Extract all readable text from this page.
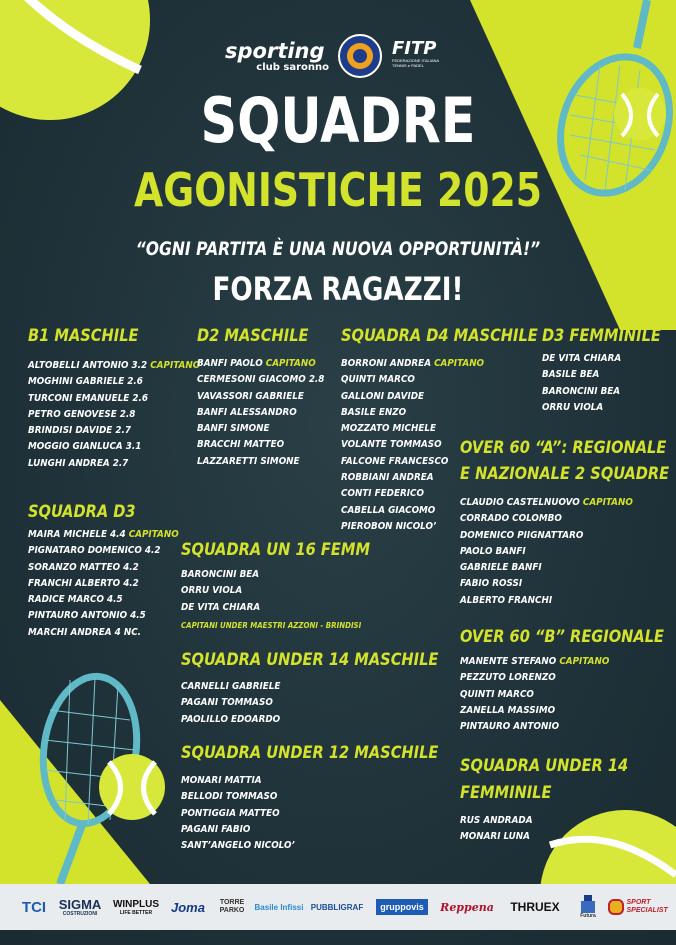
sporting
club saronno
FITP
FEDERAZIONE ITALIANA TENNIS e PADEL
SQUADRE
AGONISTICHE 2025
“OGNI PARTITA È UNA NUOVA OPPORTUNITÀ!”
FORZA RAGAZZI!
B1 MASCHILE
ALTOBELLI ANTONIO 3.2 CAPITANO
MOGHINI GABRIELE 2.6
TURCONI EMANUELE 2.6
PETRO GENOVESE 2.8
BRINDISI DAVIDE 2.7
MOGGIO GIANLUCA 3.1
LUNGHI ANDREA 2.7
SQUADRA D3
MAIRA MICHELE 4.4 CAPITANO
PIGNATARO DOMENICO 4.2
SORANZO MATTEO 4.2
FRANCHI ALBERTO 4.2
RADICE MARCO 4.5
PINTAURO ANTONIO 4.5
MARCHI ANDREA 4 NC.
D2 MASCHILE
BANFI PAOLO CAPITANO
CERMESONI GIACOMO 2.8
VAVASSORI GABRIELE
BANFI ALESSANDRO
BANFI SIMONE
BRACCHI MATTEO
LAZZARETTI SIMONE
SQUADRA UN 16 FEMM
BARONCINI BEA
ORRU VIOLA
DE VITA CHIARA
CAPITANI UNDER MAESTRI AZZONI - BRINDISI
SQUADRA UNDER 14 MASCHILE
CARNELLI GABRIELE
PAGANI TOMMASO
PAOLILLO EDOARDO
SQUADRA UNDER 12 MASCHILE
MONARI MATTIA
BELLODI TOMMASO
PONTIGGIA MATTEO
PAGANI FABIO
SANT’ANGELO NICOLO’
SQUADRA D4 MASCHILE
BORRONI ANDREA CAPITANO
QUINTI MARCO
GALLONI DAVIDE
BASILE ENZO
MOZZATO MICHELE
VOLANTE TOMMASO
FALCONE FRANCESCO
ROBBIANI ANDREA
CONTI FEDERICO
CABELLA GIACOMO
PIEROBON NICOLO’
D3 FEMMINILE
DE VITA CHIARA
BASILE BEA
BARONCINI BEA
ORRU VIOLA
OVER 60 “A”: REGIONALE
E NAZIONALE 2 SQUADRE
CLAUDIO CASTELNUOVO CAPITANO
CORRADO COLOMBO
DOMENICO PIIGNATTARO
PAOLO BANFI
GABRIELE BANFI
FABIO ROSSI
ALBERTO FRANCHI
OVER 60 “B” REGIONALE
MANENTE STEFANO CAPITANO
PEZZUTO LORENZO
QUINTI MARCO
ZANELLA MASSIMO
PINTAURO ANTONIO
SQUADRA UNDER 14
FEMMINILE
RUS ANDRADA
MONARI LUNA
TCI SIGMA
COSTRUZIONI
WINPLUS
LIFE BETTER Joma	TORRE PARKO	Basile Infissi PUBBLIGRAF	gruppovis	Reppena	THRUEX
Futura
SPORT SPECIALIST
